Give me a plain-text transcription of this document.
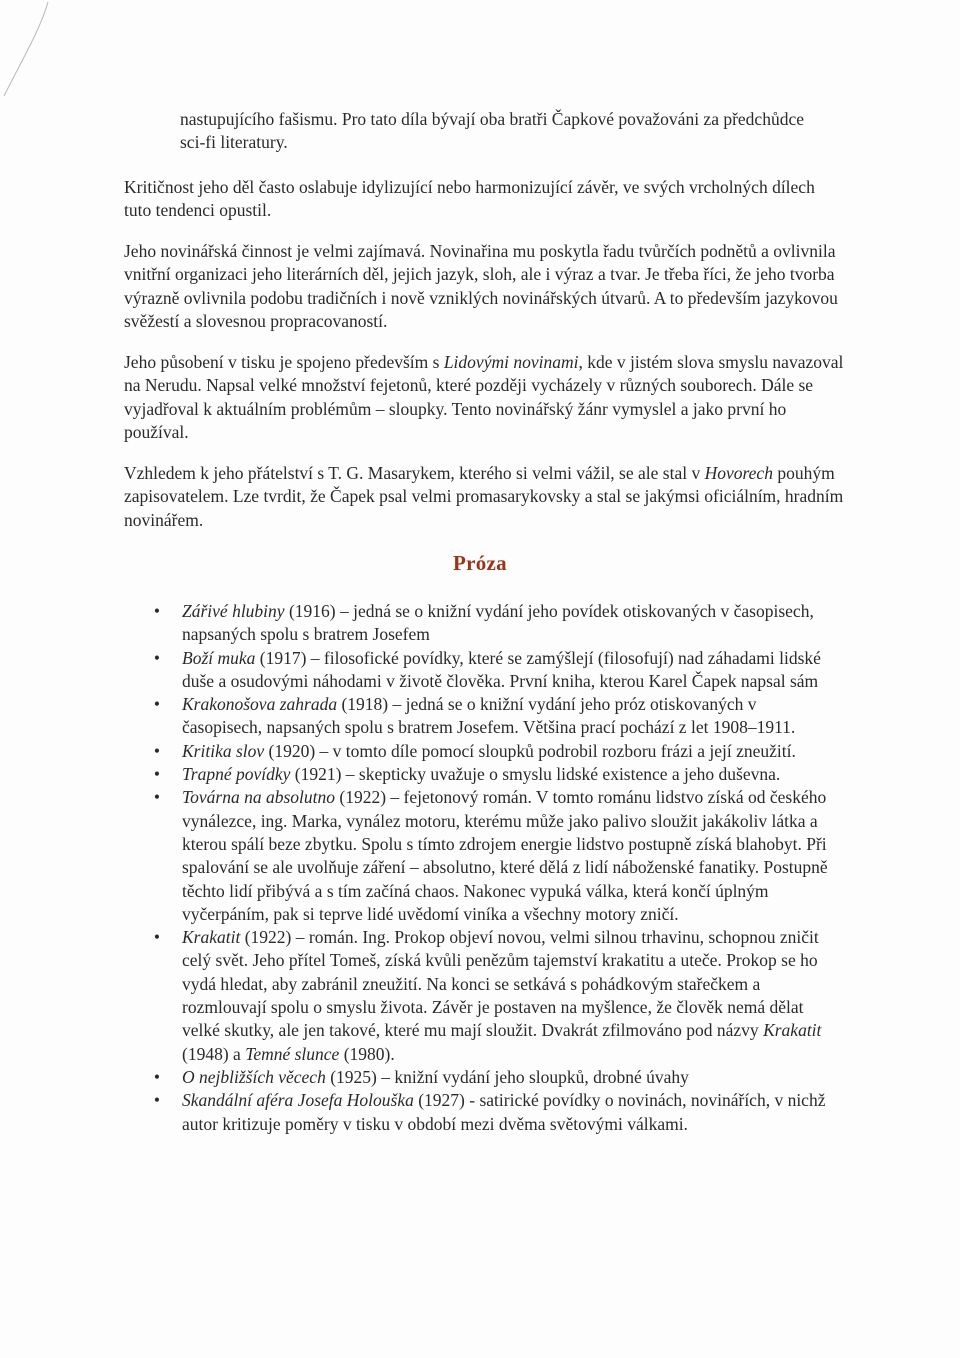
nastupujícího fašismu. Pro tato díla bývají oba bratři Čapkové považováni za předchůdce sci-fi literatury.

Kritičnost jeho děl často oslabuje idylizující nebo harmonizující závěr, ve svých vrcholných dílech tuto tendenci opustil.

Jeho novinářská činnost je velmi zajímavá. Novinařina mu poskytla řadu tvůrčích podnětů a ovlivnila vnitřní organizaci jeho literárních děl, jejich jazyk, sloh, ale i výraz a tvar. Je třeba říci, že jeho tvorba výrazně ovlivnila podobu tradičních i nově vzniklých novinářských útvarů. A to především jazykovou svěžestí a slovesnou propracovaností.

Jeho působení v tisku je spojeno především s Lidovými novinami, kde v jistém slova smyslu navazoval na Nerudu. Napsal velké množství fejetonů, které později vycházely v různých souborech. Dále se vyjadřoval k aktuálním problémům – sloupky. Tento novinářský žánr vymyslel a jako první ho používal.

Vzhledem k jeho přátelství s T. G. Masarykem, kterého si velmi vážil, se ale stal v Hovorech pouhým zapisovatelem. Lze tvrdit, že Čapek psal velmi promasarykovsky a stal se jakýmsi oficiálním, hradním novinářem.

Próza
• Zářivé hlubiny (1916) – jedná se o knižní vydání jeho povídek otiskovaných v časopisech, napsaných spolu s bratrem Josefem
• Boží muka (1917) – filosofické povídky, které se zamýšlejí (filosofují) nad záhadami lidské duše a osudovými náhodami v životě člověka. První kniha, kterou Karel Čapek napsal sám
• Krakonošova zahrada (1918) – jedná se o knižní vydání jeho próz otiskovaných v časopisech, napsaných spolu s bratrem Josefem. Většina prací pochází z let 1908–1911.
• Kritika slov (1920) – v tomto díle pomocí sloupků podrobil rozboru frázi a její zneužití.
• Trapné povídky (1921) – skepticky uvažuje o smyslu lidské existence a jeho duševna.
• Továrna na absolutno (1922) – fejetonový román. V tomto románu lidstvo získá od českého vynálezce, ing. Marka, vynález motoru, kterému může jako palivo sloužit jakákoliv látka a kterou spálí beze zbytku. Spolu s tímto zdrojem energie lidstvo postupně získá blahobyt. Při spalování se ale uvolňuje záření – absolutno, které dělá z lidí náboženské fanatiky. Postupně těchto lidí přibývá a s tím začíná chaos. Nakonec vypuká válka, která končí úplným vyčerpáním, pak si teprve lidé uvědomí viníka a všechny motory zničí.
• Krakatit (1922) – román. Ing. Prokop objeví novou, velmi silnou trhavinu, schopnou zničit celý svět. Jeho přítel Tomeš, získá kvůli penězům tajemství krakatitu a uteče. Prokop se ho vydá hledat, aby zabránil zneužití. Na konci se setkává s pohádkovým stařečkem a rozmlouvají spolu o smyslu života. Závěr je postaven na myšlence, že člověk nemá dělat velké skutky, ale jen takové, které mu mají sloužit. Dvakrát zfilmováno pod názvy Krakatit (1948) a Temné slunce (1980).
• O nejbližších věcech (1925) – knižní vydání jeho sloupků, drobné úvahy
• Skandální aféra Josefa Holouška (1927) - satirické povídky o novinách, novinářích, v nichž autor kritizuje poměry v tisku v období mezi dvěma světovými válkami.
